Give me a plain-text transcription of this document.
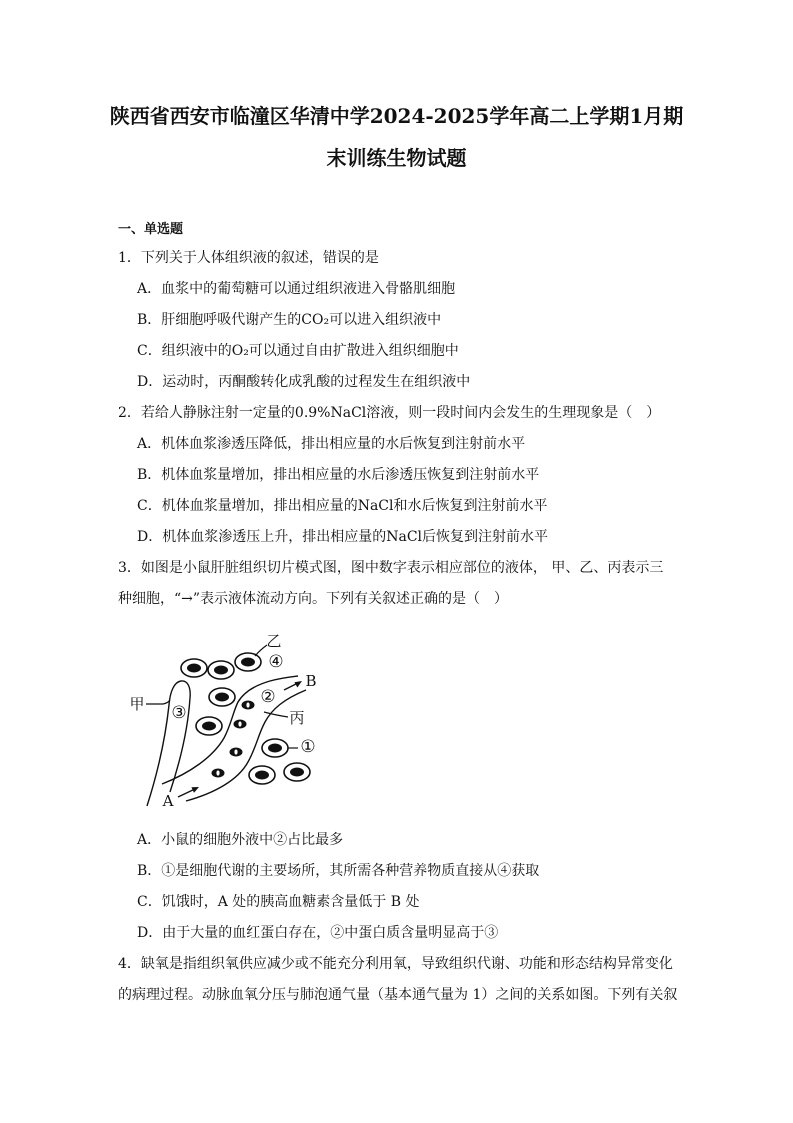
陕西省西安市临潼区华清中学2024-2025学年高二上学期1月期
末训练生物试题
一、单选题
1．下列关于人体组织液的叙述，错误的是
A．血浆中的葡萄糖可以通过组织液进入骨骼肌细胞
B．肝细胞呼吸代谢产生的CO₂可以进入组织液中
C．组织液中的O₂可以通过自由扩散进入组织细胞中
D．运动时，丙酮酸转化成乳酸的过程发生在组织液中
2．若给人静脉注射一定量的0.9%NaCl溶液，则一段时间内会发生的生理现象是（　）
A．机体血浆渗透压降低，排出相应量的水后恢复到注射前水平
B．机体血浆量增加，排出相应量的水后渗透压恢复到注射前水平
C．机体血浆量增加，排出相应量的NaCl和水后恢复到注射前水平
D．机体血浆渗透压上升，排出相应量的NaCl后恢复到注射前水平
3．如图是小鼠肝脏组织切片模式图，图中数字表示相应部位的液体， 甲、乙、丙表示三
种细胞，“→”表示液体流动方向。下列有关叙述正确的是（　）
乙
④
B
②
甲 ③	丙
①
A
A．小鼠的细胞外液中②占比最多
B．①是细胞代谢的主要场所，其所需各种营养物质直接从④获取
C．饥饿时，A 处的胰高血糖素含量低于 B 处
D．由于大量的血红蛋白存在，②中蛋白质含量明显高于③
4．缺氧是指组织氧供应减少或不能充分利用氧，导致组织代谢、功能和形态结构异常变化
的病理过程。动脉血氧分压与肺泡通气量（基本通气量为 1）之间的关系如图。下列有关叙
